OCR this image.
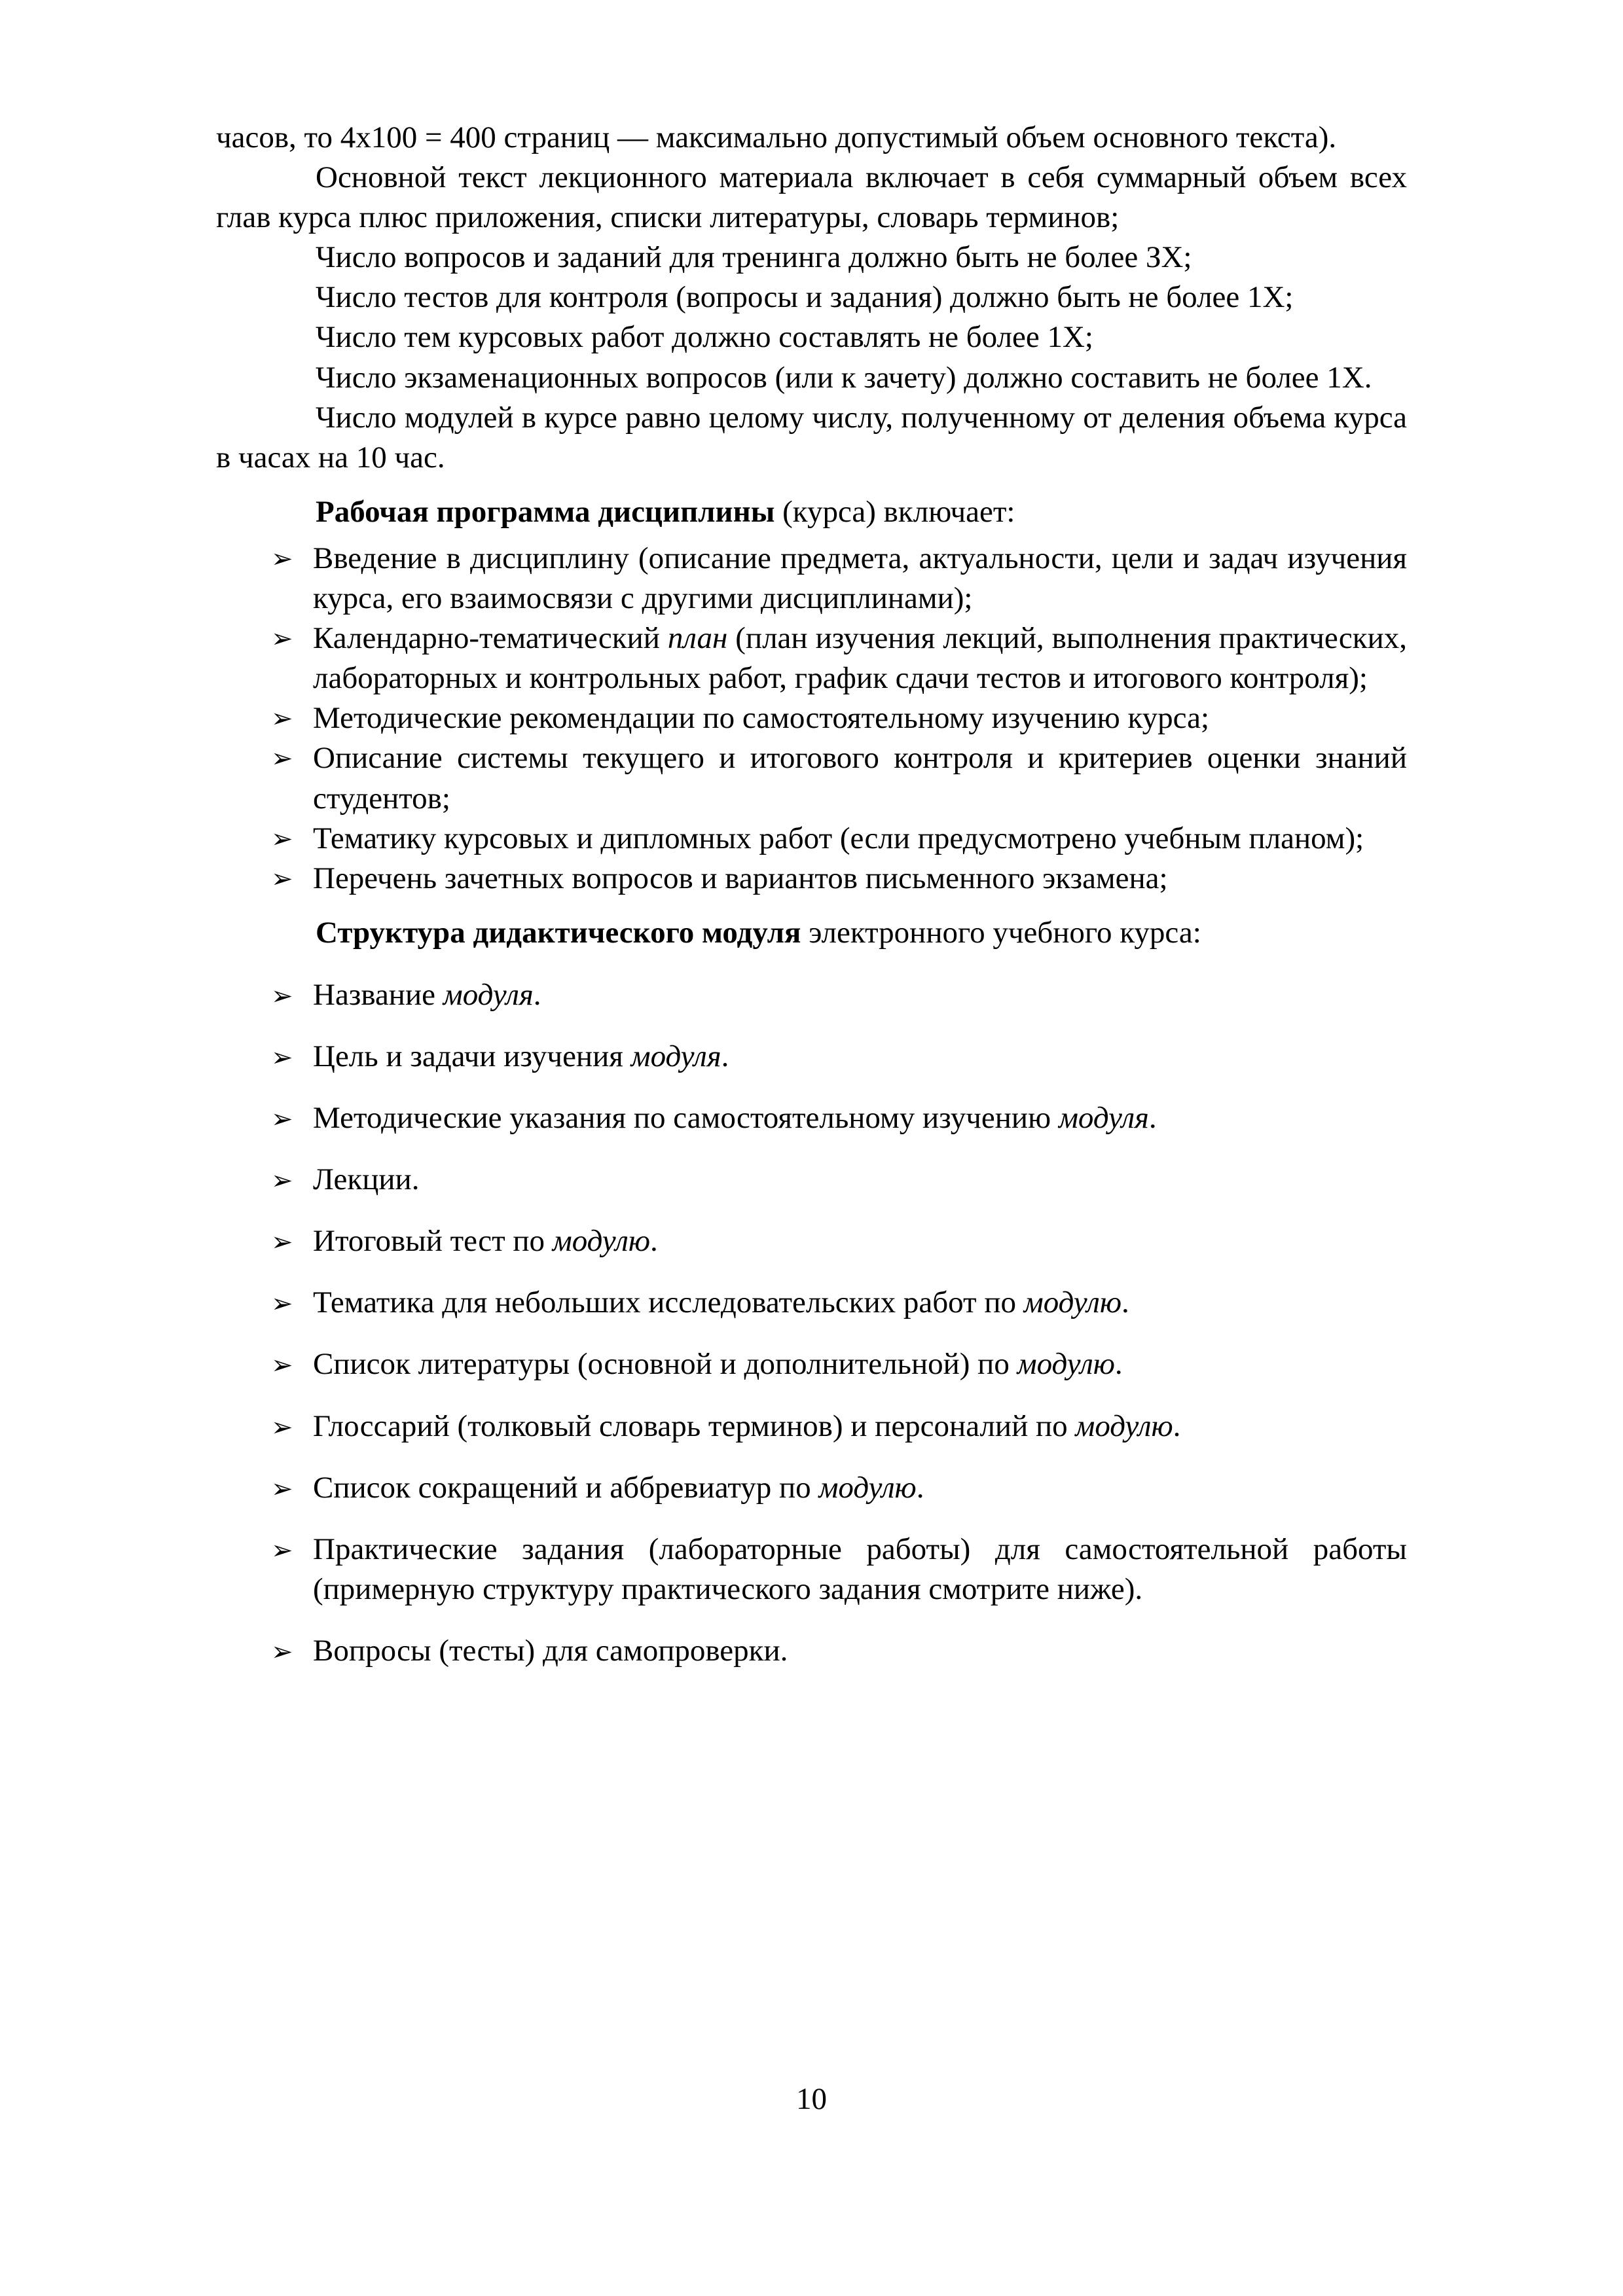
часов, то 4х100 = 400 страниц — максимально допустимый объем основного текста).

Основной текст лекционного материала включает в себя суммарный объем всех глав курса плюс приложения, списки литературы, словарь терминов;

Число вопросов и заданий для тренинга должно быть не более ЗХ;

Число тестов для контроля (вопросы и задания) должно быть не более 1Х;

Число тем курсовых работ должно составлять не более 1Х;

Число экзаменационных вопросов (или к зачету) должно составить не более 1Х.

Число модулей в курсе равно целому числу, полученному от деления объема курса в часах на 10 час.

Рабочая программа дисциплины (курса) включает:

➢ Введение в дисциплину (описание предмета, актуальности, цели и задач изучения курса, его взаимосвязи с другими дисциплинами);
➢ Календарно-тематический план (план изучения лекций, выполнения практических, лабораторных и контрольных работ, график сдачи тестов и итогового контроля);
➢ Методические рекомендации по самостоятельному изучению курса;
➢ Описание системы текущего и итогового контроля и критериев оценки знаний студентов;
➢ Тематику курсовых и дипломных работ (если предусмотрено учебным планом);
➢ Перечень зачетных вопросов и вариантов письменного экзамена;

Структура дидактического модуля электронного учебного курса:

➢ Название модуля.
➢ Цель и задачи изучения модуля.
➢ Методические указания по самостоятельному изучению модуля.
➢ Лекции.
➢ Итоговый тест по модулю.
➢ Тематика для небольших исследовательских работ по модулю.
➢ Список литературы (основной и дополнительной) по модулю.
➢ Глоссарий (толковый словарь терминов) и персоналий по модулю.
➢ Список сокращений и аббревиатур по модулю.
➢ Практические задания (лабораторные работы) для самостоятельной работы (примерную структуру практического задания смотрите ниже).
➢ Вопросы (тесты) для самопроверки.
10
